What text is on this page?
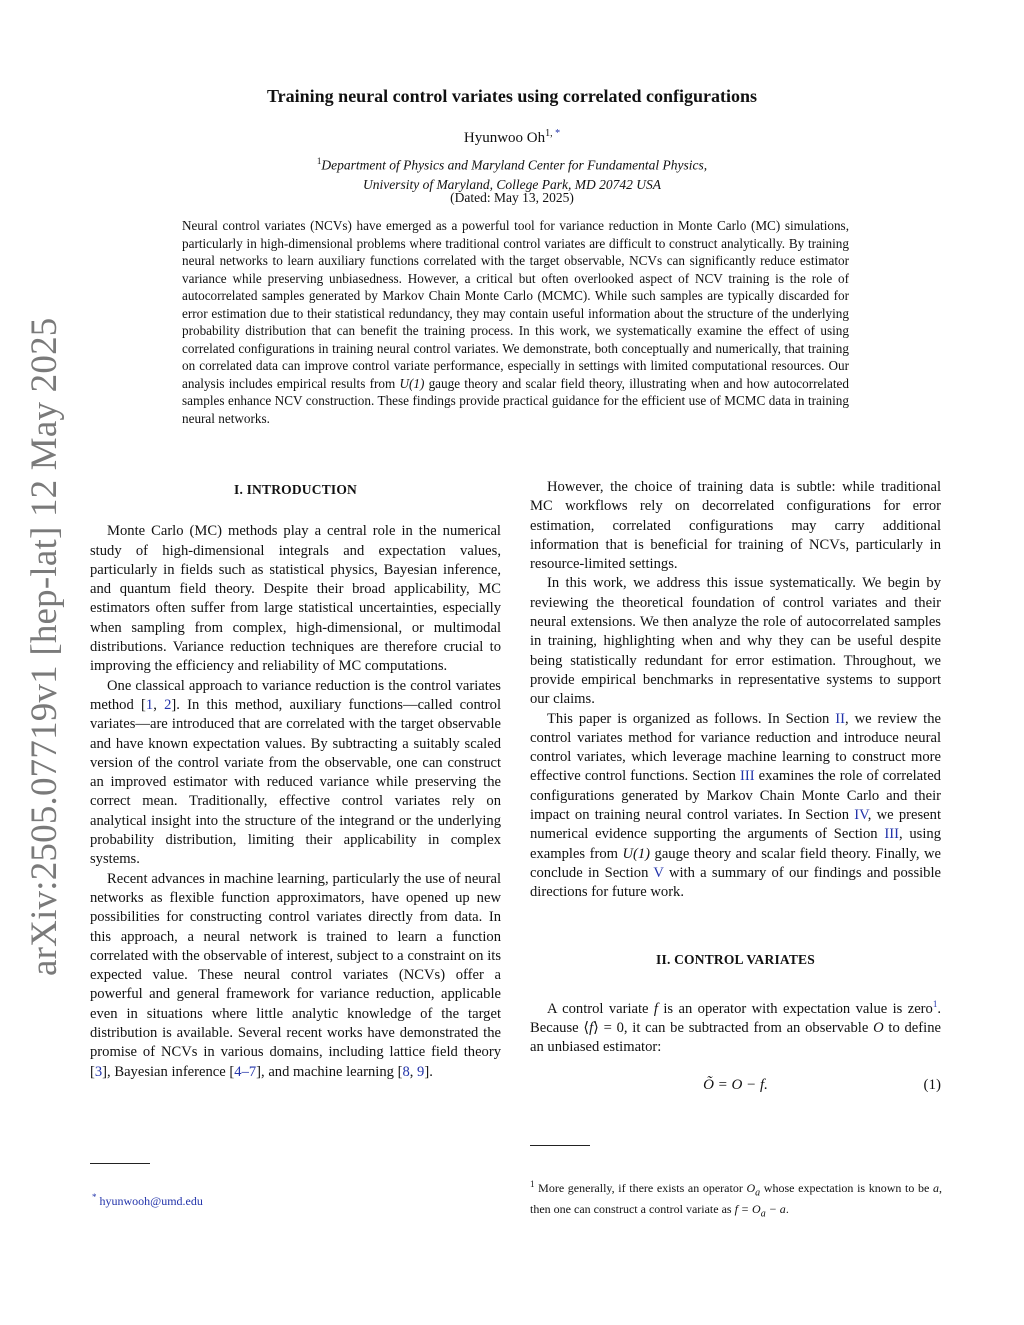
arXiv:2505.07719v1 [hep-lat] 12 May 2025
Training neural control variates using correlated configurations
Hyunwoo $Oh^{1,}$ *
$^1$Department of Physics and Maryland Center for Fundamental Physics,
University of Maryland, College Park, MD 20742 USA
(Dated: May 13, 2025)
Neural control variates (NCVs) have emerged as a powerful tool for variance reduction in Monte Carlo (MC) simulations, particularly in high-dimensional problems where traditional control variates are difficult to construct analytically. By training neural networks to learn auxiliary functions correlated with the target observable, NCVs can significantly reduce estimator variance while preserving unbiasedness. However, a critical but often overlooked aspect of NCV training is the role of autocorrelated samples generated by Markov Chain Monte Carlo (MCMC). While such samples are typically discarded for error estimation due to their statistical redundancy, they may contain useful information about the structure of the underlying probability distribution that can benefit the training process. In this work, we systematically examine the effect of using correlated configurations in training neural control variates. We demonstrate, both conceptually and numerically, that training on correlated data can improve control variate performance, especially in settings with limited computational resources. Our analysis includes empirical results from U(1) gauge theory and scalar field theory, illustrating when and how autocorrelated samples enhance NCV construction. These findings provide practical guidance for the efficient use of MCMC data in training neural networks.
I. INTRODUCTION

Monte Carlo (MC) methods play a central role in the numerical study of high-dimensional integrals and expectation values, particularly in fields such as statistical physics, Bayesian inference, and quantum field theory. Despite their broad applicability, MC estimators often suffer from large statistical uncertainties, especially when sampling from complex, high-dimensional, or multimodal distributions. Variance reduction techniques are therefore crucial to improving the efficiency and reliability of MC computations.

One classical approach to variance reduction is the control variates method [1, 2]. In this method, auxiliary functions—called control variates—are introduced that are correlated with the target observable and have known expectation values. By subtracting a suitably scaled version of the control variate from the observable, one can construct an improved estimator with reduced variance while preserving the correct mean. Traditionally, effective control variates rely on analytical insight into the structure of the integrand or the underlying probability distribution, limiting their applicability in complex systems.

Recent advances in machine learning, particularly the use of neural networks as flexible function approximators, have opened up new possibilities for constructing control variates directly from data. In this approach, a neural network is trained to learn a function correlated with the observable of interest, subject to a constraint on its expected value. These neural control variates (NCVs) offer a powerful and general framework for variance reduction, applicable even in situations where little analytic knowledge of the target distribution is available. Several recent works have demonstrated the promise of NCVs in various domains, including lattice field theory [3], Bayesian inference [4–7], and machine learning [8, 9].

* hyunwooh@umd.edu

However, the choice of training data is subtle: while traditional MC workflows rely on decorrelated configurations for error estimation, correlated configurations may carry additional information that is beneficial for training of NCVs, particularly in resource-limited settings.

In this work, we address this issue systematically. We begin by reviewing the theoretical foundation of control variates and their neural extensions. We then analyze the role of autocorrelated samples in training, highlighting when and why they can be useful despite being statistically redundant for error estimation. Throughout, we provide empirical benchmarks in representative systems to support our claims.

This paper is organized as follows. In Section II, we review the control variates method for variance reduction and introduce neural control variates, which leverage machine learning to construct more effective control functions. Section III examines the role of correlated configurations generated by Markov Chain Monte Carlo and their impact on training neural control variates. In Section IV, we present numerical evidence supporting the arguments of Section III, using examples from U(1) gauge theory and scalar field theory. Finally, we conclude in Section V with a summary of our findings and possible directions for future work.

II. CONTROL VARIATES

A control variate f is an operator with expectation value is zero$^1$. Because ⟨f⟩ = 0, it can be subtracted from an observable O to define an unbiased estimator:

Õ = O − f.	(1)
$^1$ More generally, if there exists an operator $O_a$ whose expectation is known to be a, then one can construct a control variate as $f = O_a - a$.
